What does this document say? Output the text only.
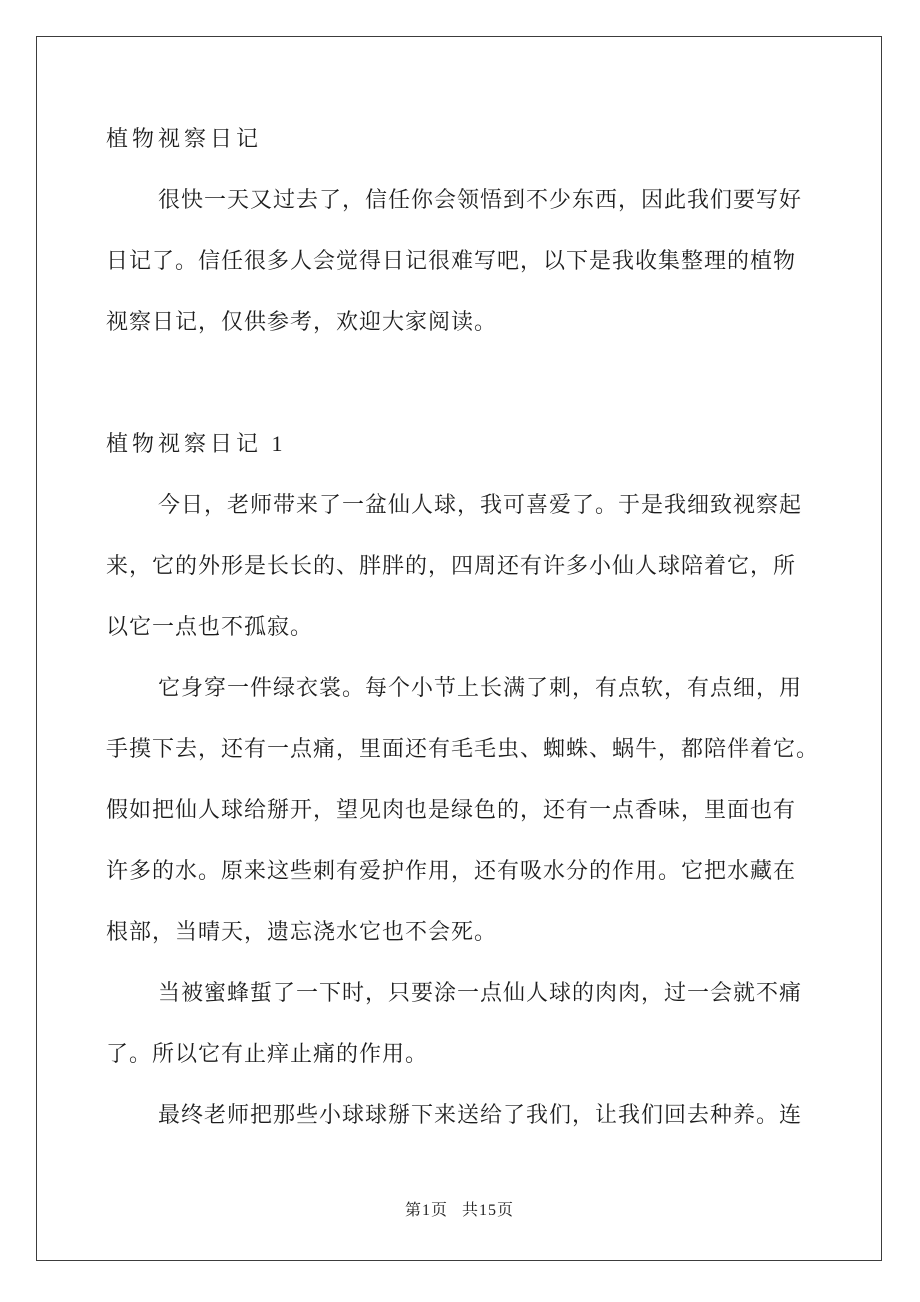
植物视察日记
很快一天又过去了，信任你会领悟到不少东西，因此我们要写好
日记了。信任很多人会觉得日记很难写吧，以下是我收集整理的植物
视察日记，仅供参考，欢迎大家阅读。
植物视察日记 1
今日，老师带来了一盆仙人球，我可喜爱了。于是我细致视察起
来，它的外形是长长的、胖胖的，四周还有许多小仙人球陪着它，所
以它一点也不孤寂。
它身穿一件绿衣裳。每个小节上长满了刺，有点软，有点细，用
手摸下去，还有一点痛，里面还有毛毛虫、蜘蛛、蜗牛，都陪伴着它。
假如把仙人球给掰开，望见肉也是绿色的，还有一点香味，里面也有
许多的水。原来这些刺有爱护作用，还有吸水分的作用。它把水藏在
根部，当晴天，遗忘浇水它也不会死。
当被蜜蜂蜇了一下时，只要涂一点仙人球的肉肉，过一会就不痛
了。所以它有止痒止痛的作用。
最终老师把那些小球球掰下来送给了我们，让我们回去种养。连
第1页 共15页
